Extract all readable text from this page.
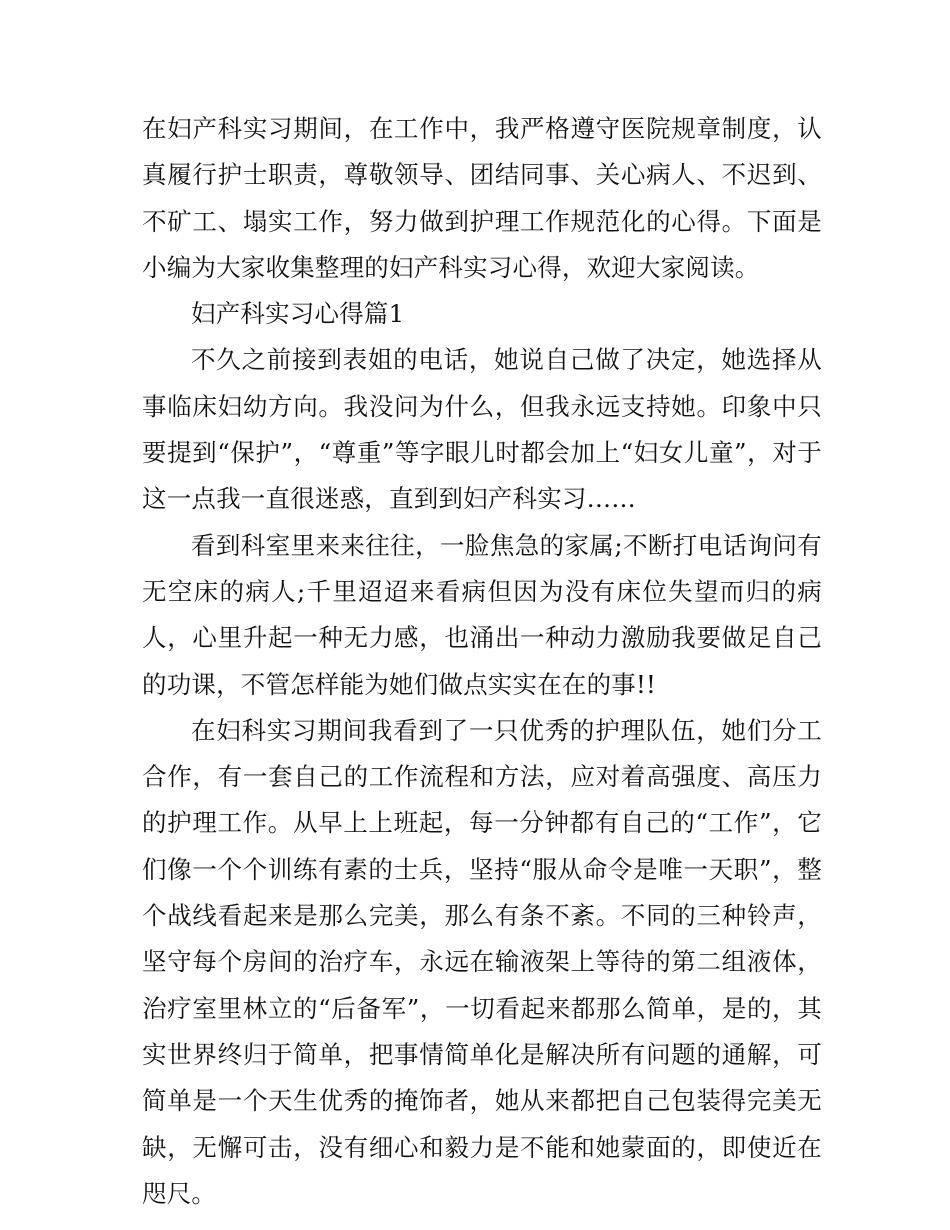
在妇产科实习期间，在工作中，我严格遵守医院规章制度，认真履行护士职责，尊敬领导、团结同事、关心病人、不迟到、不矿工、塌实工作，努力做到护理工作规范化的心得。下面是小编为大家收集整理的妇产科实习心得，欢迎大家阅读。

妇产科实习心得篇1

不久之前接到表姐的电话，她说自己做了决定，她选择从事临床妇幼方向。我没问为什么，但我永远支持她。印象中只要提到“保护”，“尊重”等字眼儿时都会加上“妇女儿童”，对于这一点我一直很迷惑，直到到妇产科实习……

看到科室里来来往往，一脸焦急的家属;不断打电话询问有无空床的病人;千里迢迢来看病但因为没有床位失望而归的病人，心里升起一种无力感，也涌出一种动力激励我要做足自己的功课，不管怎样能为她们做点实实在在的事!!

在妇科实习期间我看到了一只优秀的护理队伍，她们分工合作，有一套自己的工作流程和方法，应对着高强度、高压力的护理工作。从早上上班起，每一分钟都有自己的“工作”，它们像一个个训练有素的士兵，坚持“服从命令是唯一天职”，整个战线看起来是那么完美，那么有条不紊。不同的三种铃声，坚守每个房间的治疗车，永远在输液架上等待的第二组液体，治疗室里林立的“后备军”，一切看起来都那么简单，是的，其实世界终归于简单，把事情简单化是解决所有问题的通解，可简单是一个天生优秀的掩饰者，她从来都把自己包装得完美无缺，无懈可击，没有细心和毅力是不能和她蒙面的，即使近在咫尺。
